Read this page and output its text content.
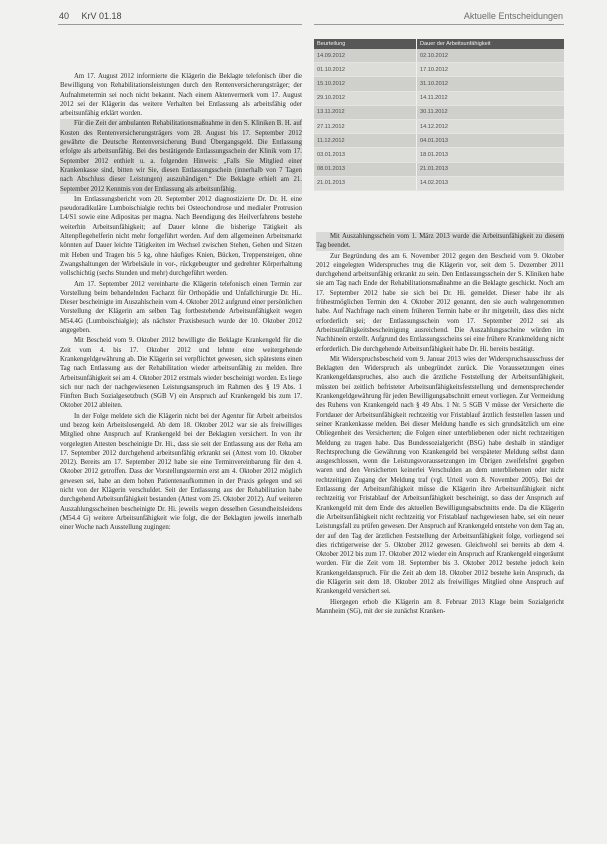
40 KrV 01.18	Aktuelle Entscheidungen

Am 17. August 2012 informierte die Klägerin die Beklagte telefonisch über die Bewilligung von Rehabilitationsleistungen durch den Rentenversicherungsträger; der Aufnahmetermin sei noch nicht bekannt. Nach einem Aktenvermerk vom 17. August 2012 sei der Klägerin das weitere Verhalten bei Entlassung als arbeitsfähig oder arbeitsunfähig erklärt worden.

Für die Zeit der ambulanten Rehabilitationsmaßnahme in den S. Kliniken B. H. auf Kosten des Rentenversicherungsträgers vom 28. August bis 17. September 2012 gewährte die Deutsche Rentenversicherung Bund Übergangsgeld. Die Entlassung erfolgte als arbeitsunfähig. Bei des bestätigende Entlassungsschein der Klinik vom 17. September 2012 enthielt u. a. folgenden Hinweis: „Falls Sie Mitglied einer Krankenkasse sind, bitten wir Sie, diesen Entlassungsschein (innerhalb von 7 Tagen nach Abschluss dieser Leistungen) auszuhändigen.“ Die Beklagte erhielt am 21. September 2012 Kenntnis von der Entlassung als arbeitsunfähig.

Im Entlassungsbericht vom 20. September 2012 diagnostizierte Dr. Dr. H. eine pseudoradikuläre Lumboischialgie rechts bei Osteochondrose und medialer Protrusion L4/S1 sowie eine Adipositas per magna. Nach Beendigung des Heilverfahrens bestehe weiterhin Arbeitsunfähigkeit; auf Dauer könne die bisherige Tätigkeit als Altenpflegehelferin nicht mehr fortgeführt werden. Auf dem allgemeinen Arbeitsmarkt könnten auf Dauer leichte Tätigkeiten im Wechsel zwischen Stehen, Gehen und Sitzen mit Heben und Tragen bis 5 kg, ohne häufiges Knien, Bücken, Treppensteigen, ohne Zwangshaltungen der Wirbelsäule in vor-, rückgebeugter und gedrehter Körperhaltung vollschichtig (sechs Stunden und mehr) durchgeführt werden.

Am 17. September 2012 vereinbarte die Klägerin telefonisch einen Termin zur Vorstellung beim behandelnden Facharzt für Orthopädie und Unfallchirurgie Dr. Hi.. Dieser bescheinigte im Auszahlschein vom 4. Oktober 2012 aufgrund einer persönlichen Vorstellung der Klägerin am selben Tag fortbestehende Arbeitsunfähigkeit wegen M54.4G (Lumboischialgie); als nächster Praxisbesuch wurde der 10. Oktober 2012 angegeben.

Mit Bescheid vom 9. Oktober 2012 bewilligte die Beklagte Krankengeld für die Zeit vom 4. bis 17. Oktober 2012 und lehnte eine weitergehende Krankengeldgewährung ab. Die Klägerin sei verpflichtet gewesen, sich spätestens einen Tag nach Entlassung aus der Rehabilitation wieder arbeitsunfähig zu melden. Ihre Arbeitsunfähigkeit sei am 4. Oktober 2012 erstmals wieder bescheinigt worden. Es liege sich nur nach der nachgewiesenen Leistungsanspruch im Rahmen des § 19 Abs. 1 Fünften Buch Sozialgesetzbuch (SGB V) ein Anspruch auf Krankengeld bis zum 17. Oktober 2012 ableiten.

In der Folge meldete sich die Klägerin nicht bei der Agentur für Arbeit arbeitslos und bezog kein Arbeitslosengeld. Ab dem 18. Oktober 2012 war sie als freiwilliges Mitglied ohne Anspruch auf Krankengeld bei der Beklagten versichert. In von ihr vorgelegten Attesten bescheinigte Dr. Hi., dass sie seit der Entlassung aus der Reha am 17. September 2012 durchgehend arbeitsunfähig erkrankt sei (Attest vom 10. Oktober 2012). Bereits am 17. September 2012 habe sie eine Terminvereinbarung für den 4. Oktober 2012 getroffen. Dass der Vorstellungstermin erst am 4. Oktober 2012 möglich gewesen sei, habe an dem hohen Patientenaufkommen in der Praxis gelegen und sei nicht von der Klägerin verschuldet. Seit der Entlassung aus der Rehabilitation habe durchgehend Arbeitsunfähigkeit bestanden (Attest vom 25. Oktober 2012). Auf weiteren Auszahlungsscheinen bescheinigte Dr. Hi. jeweils wegen desselben Gesundheitsleidens (M54.4 G) weitere Arbeitsunfähigkeit wie folgt, die der Beklagten jeweils innerhalb einer Woche nach Ausstellung zugingen:

Beurteilung	Dauer der Arbeitsunfähigkeit
14.09.2012	02.10.2012
01.10.2012	17.10.2012
15.10.2012	31.10.2012
29.10.2012	14.11.2012
13.11.2012	30.11.2012
27.11.2012	14.12.2012
11.12.2012	04.01.2013
03.01.2013	18.01.2013
08.01.2013	21.01.2013
21.01.2013	14.02.2013

Mit Auszahlungsschein vom 1. März 2013 wurde die Arbeitsunfähigkeit zu diesem Tag beendet.

Zur Begründung des am 6. November 2012 gegen den Bescheid vom 9. Oktober 2012 eingelegten Widerspruches trug die Klägerin vor, seit dem 5. Dezember 2011 durchgehend arbeitsunfähig erkrankt zu sein. Den Entlassungsschein der S. Kliniken habe sie am Tag nach Ende der Rehabilitationsmaßnahme an die Beklagte geschickt. Noch am 17. September 2012 habe sie sich bei Dr. Hi. gemeldet. Dieser habe ihr als frühestmöglichen Termin den 4. Oktober 2012 genannt, den sie auch wahrgenommen habe. Auf Nachfrage nach einem früheren Termin habe er ihr mitgeteilt, dass dies nicht erforderlich sei; der Entlassungsschein vom 17. September 2012 sei als Arbeitsunfähigkeitsbescheinigung ausreichend. Die Auszahlungsscheine würden im Nachhinein erstellt. Aufgrund des Entlassungsscheins sei eine frühere Krankmeldung nicht erforderlich. Die durchgehende Arbeitsunfähigkeit habe Dr. Hi. bereits bestätigt.

Mit Widerspruchsbescheid vom 9. Januar 2013 wies der Widerspruchsausschuss der Beklagten den Widerspruch als unbegründet zurück. Die Voraussetzungen eines Krankengeldanspruches, also auch die ärztliche Feststellung der Arbeitsunfähigkeit, müssten bei zeitlich befristeter Arbeitsunfähigkeitsfeststellung und dementsprechender Krankengeldgewährung für jeden Bewilligungsabschnitt erneut vorliegen. Zur Vermeidung des Ruhens von Krankengeld nach § 49 Abs. 1 Nr. 5 SGB V müsse der Versicherte die Fortdauer der Arbeitsunfähigkeit rechtzeitig vor Fristablauf ärztlich feststellen lassen und seiner Krankenkasse melden. Bei dieser Meldung handle es sich grundsätzlich um eine Obliegenheit des Versicherten; die Folgen einer unterbliebenen oder nicht rechtzeitigen Meldung zu tragen habe. Das Bundessozialgericht (BSG) habe deshalb in ständiger Rechtsprechung die Gewährung von Krankengeld bei verspäteter Meldung selbst dann ausgeschlossen, wenn die Leistungsvoraussetzungen im Übrigen zweifelsfrei gegeben waren und den Versicherten keinerlei Verschulden an dem unterbliebenen oder nicht rechtzeitigen Zugang der Meldung traf (vgl. Urteil vom 8. November 2005). Bei der Entlassung der Arbeitsunfähigkeit müsse die Klägerin ihre Arbeitsunfähigkeit nicht rechtzeitig vor Fristablauf der Arbeitsunfähigkeit bescheinigt, so dass der Anspruch auf Krankengeld mit dem Ende des aktuellen Bewilligungsabschnitts ende. Da die Klägerin die Arbeitsunfähigkeit nicht rechtzeitig vor Fristablauf nachgewiesen habe, sei ein neuer Leistungsfall zu prüfen gewesen. Der Anspruch auf Krankengeld entstehe von dem Tag an, der auf den Tag der ärztlichen Feststellung der Arbeitsunfähigkeit folge, vorliegend sei dies richtigerweise der 5. Oktober 2012 gewesen. Gleichwohl sei bereits ab dem 4. Oktober 2012 bis zum 17. Oktober 2012 wieder ein Anspruch auf Krankengeld eingeräumt worden. Für die Zeit vom 18. September bis 3. Oktober 2012 bestehe jedoch kein Krankengeldanspruch. Für die Zeit ab dem 18. Oktober 2012 bestehe kein Anspruch, da die Klägerin seit dem 18. Oktober 2012 als freiwilliges Mitglied ohne Anspruch auf Krankengeld versichert sei.

Hiergegen erhob die Klägerin am 8. Februar 2013 Klage beim Sozialgericht Mannheim (SG), mit der sie zunächst Kranken-
